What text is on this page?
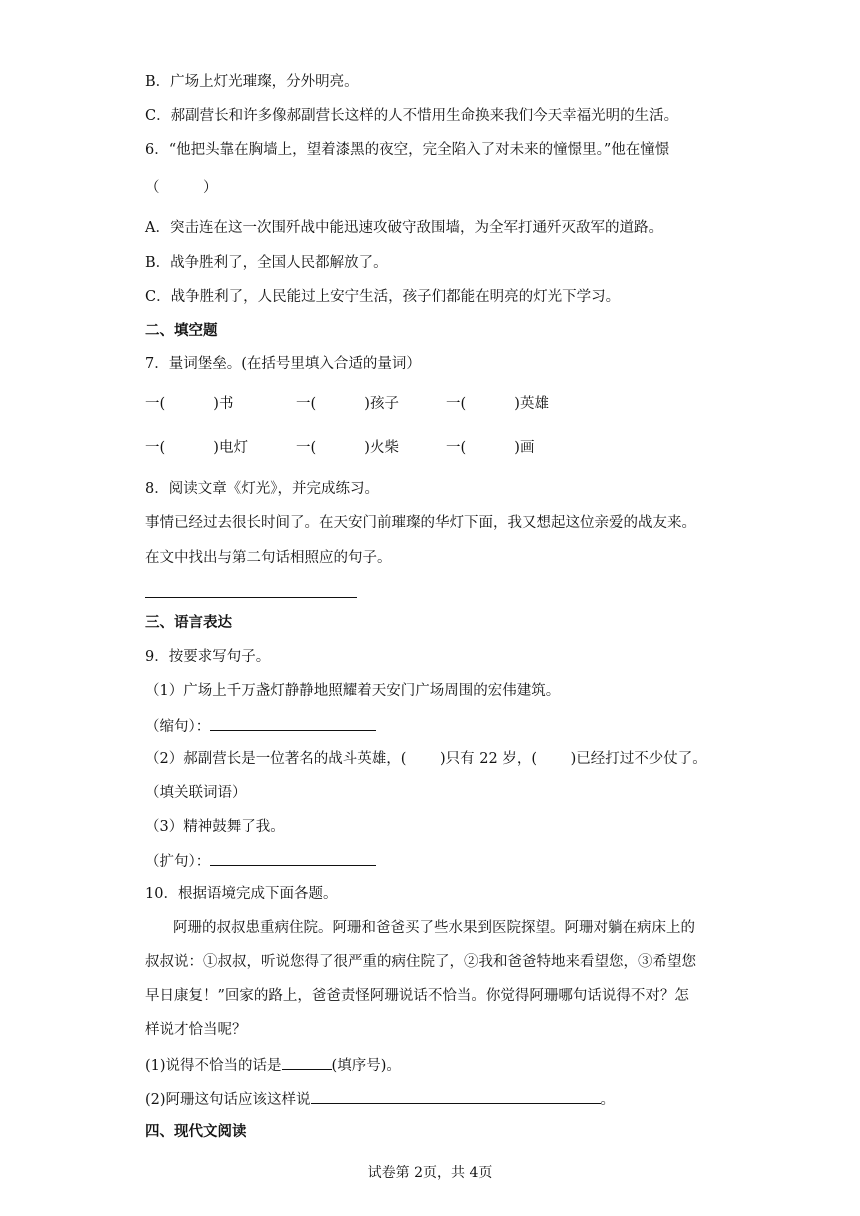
B．广场上灯光璀璨，分外明亮。
C．郝副营长和许多像郝副营长这样的人不惜用生命换来我们今天幸福光明的生活。
6．“他把头靠在胸墙上，望着漆黑的夜空，完全陷入了对未来的憧憬里。”他在憧憬
（　　　）
A．突击连在这一次围歼战中能迅速攻破守敌围墙，为全军打通歼灭敌军的道路。
B．战争胜利了，全国人民都解放了。
C．战争胜利了，人民能过上安宁生活，孩子们都能在明亮的灯光下学习。
二、填空题
7．量词堡垒。(在括号里填入合适的量词）
一(　　　 )书	一(　　　 )孩子	一(　　　 )英雄
一(　　　 )电灯	一(　　　 )火柴	一(　　　 )画
8．阅读文章《灯光》，并完成练习。
事情已经过去很长时间了。在天安门前璀璨的华灯下面，我又想起这位亲爱的战友来。
在文中找出与第二句话相照应的句子。
三、语言表达
9．按要求写句子。
（1）广场上千万盏灯静静地照耀着天安门广场周围的宏伟建筑。
（缩句）：
（2）郝副营长是一位著名的战斗英雄，(　　 )只有 22 岁，(　　 )已经打过不少仗了。
（填关联词语）
（3）精神鼓舞了我。
（扩句）：
10．根据语境完成下面各题。
阿珊的叔叔患重病住院。阿珊和爸爸买了些水果到医院探望。阿珊对躺在病床上的
叔叔说：①叔叔，听说您得了很严重的病住院了，②我和爸爸特地来看望您，③希望您
早日康复！”回家的路上，爸爸责怪阿珊说话不恰当。你觉得阿珊哪句话说得不对？怎
样说才恰当呢？
(1)说得不恰当的话是	(填序号)。
(2)阿珊这句话应该这样说	。
四、现代文阅读
试卷第 2页，共 4页
